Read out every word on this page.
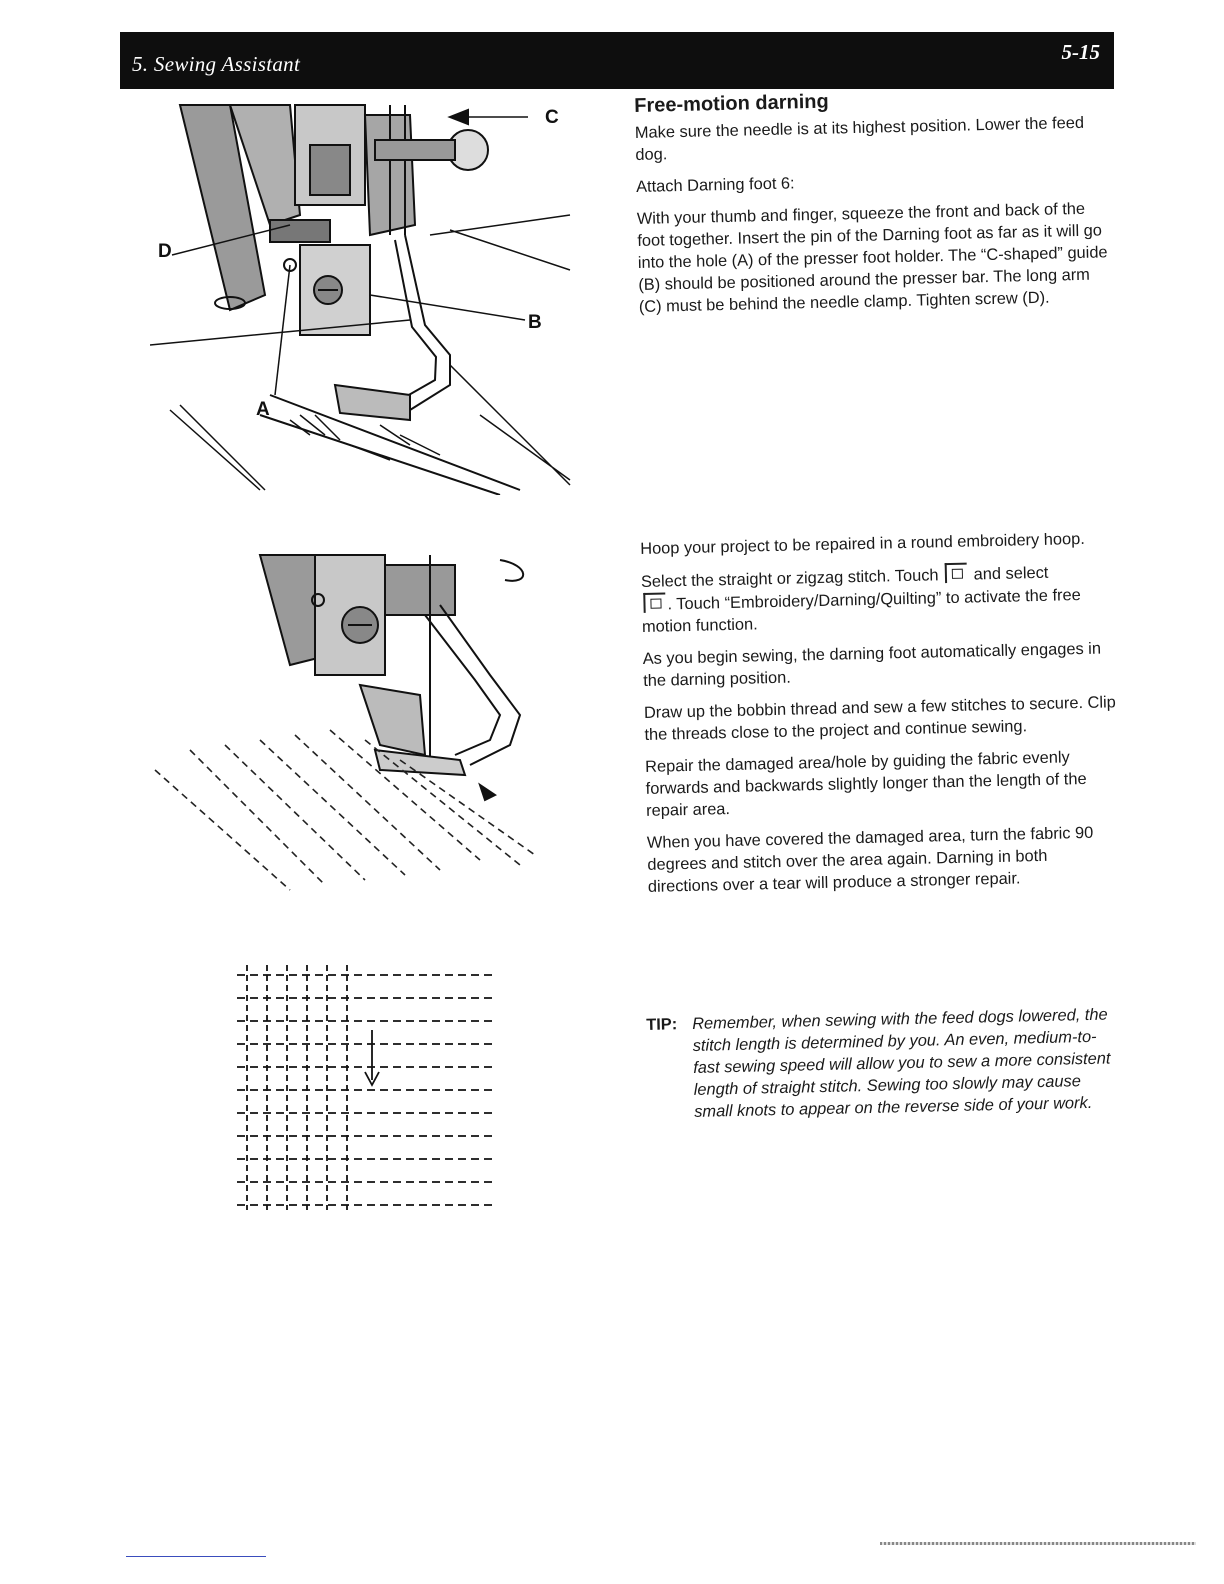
5. Sewing Assistant	5-15
C
D
B
A
Free-motion darning

Make sure the needle is at its highest position. Lower the feed dog.

Attach Darning foot 6:

With your thumb and finger, squeeze the front and back of the foot together. Insert the pin of the Darning foot as far as it will go into the hole (A) of the presser foot holder. The “C-shaped” guide (B) should be positioned around the presser bar. The long arm (C) must be behind the needle clamp. Tighten screw (D).

Hoop your project to be repaired in a round embroidery hoop.

Select the straight or zigzag stitch. Touch and select
. Touch “Embroidery/Darning/Quilting” to activate the free motion function.

As you begin sewing, the darning foot automatically engages in the darning position.

Draw up the bobbin thread and sew a few stitches to secure. Clip the threads close to the project and continue sewing.

Repair the damaged area/hole by guiding the fabric evenly forwards and backwards slightly longer than the length of the repair area.

When you have covered the damaged area, turn the fabric 90 degrees and stitch over the area again. Darning in both directions over a tear will produce a stronger repair.

TIP: Remember, when sewing with the feed dogs lowered, the stitch length is determined by you. An even, medium-to-fast sewing speed will allow you to sew a more consistent length of straight stitch. Sewing too slowly may cause small knots to appear on the reverse side of your work.
